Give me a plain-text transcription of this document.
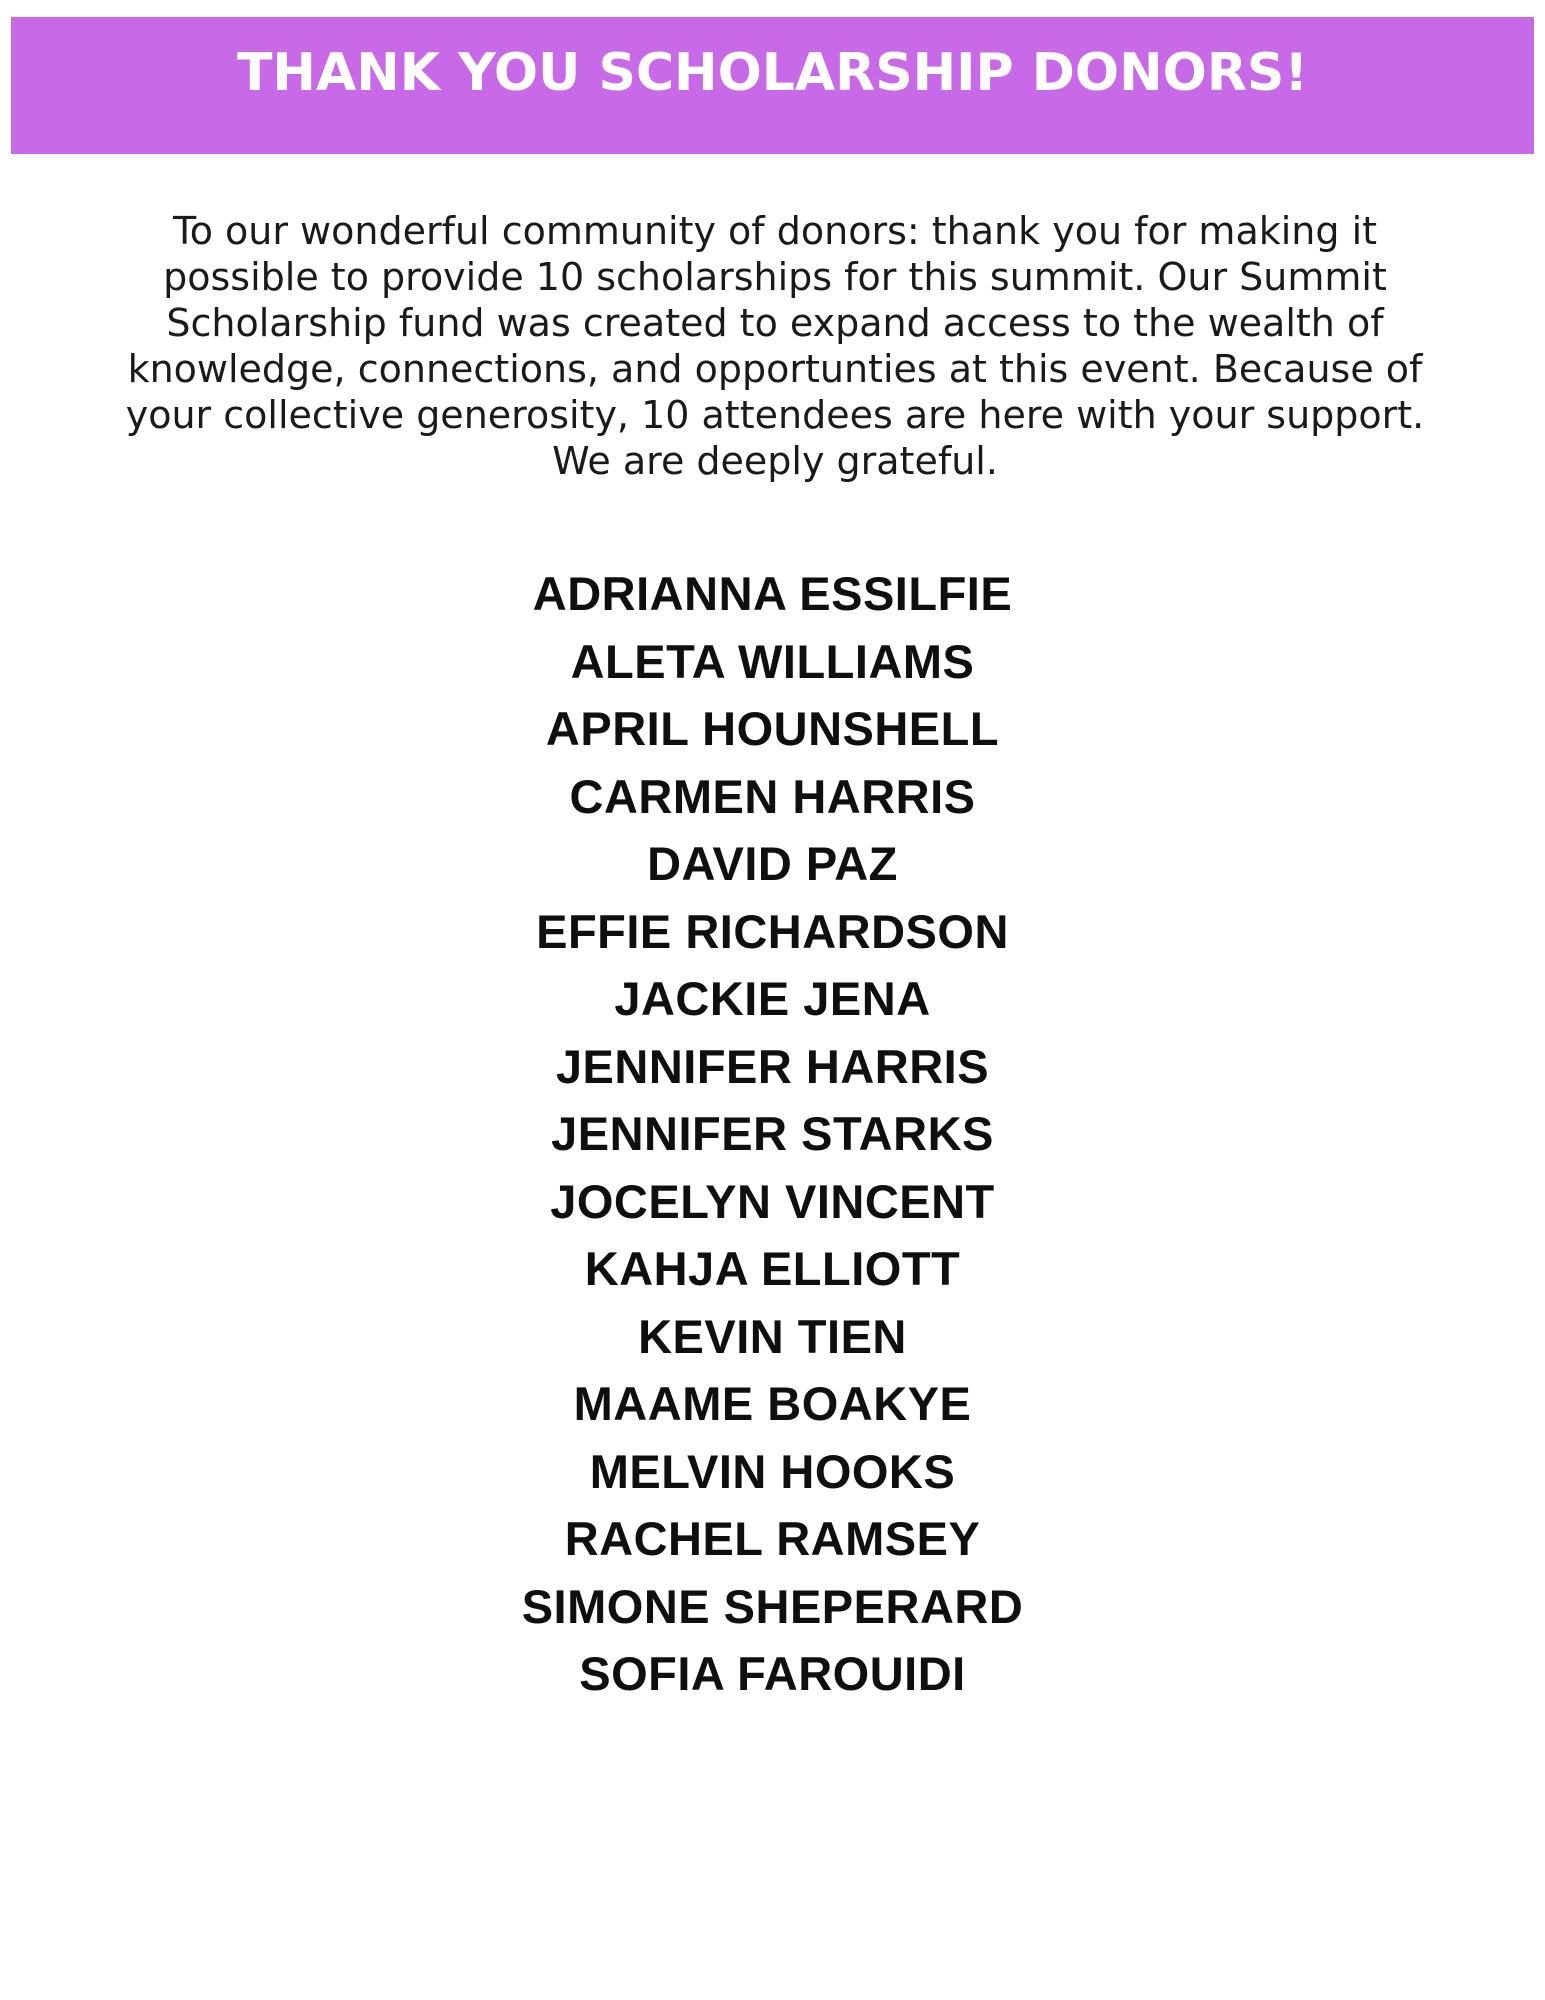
THANK YOU SCHOLARSHIP DONORS!
To our wonderful community of donors: thank you for making it possible to provide 10 scholarships for this summit. Our Summit Scholarship fund was created to expand access to the wealth of knowledge, connections, and opportunties at this event. Because of your collective generosity, 10 attendees are here with your support. We are deeply grateful.
ADRIANNA ESSILFIE
ALETA WILLIAMS
APRIL HOUNSHELL
CARMEN HARRIS
DAVID PAZ
EFFIE RICHARDSON
JACKIE JENA
JENNIFER HARRIS
JENNIFER STARKS
JOCELYN VINCENT
KAHJA ELLIOTT
KEVIN TIEN
MAAME BOAKYE
MELVIN HOOKS
RACHEL RAMSEY
SIMONE SHEPERARD
SOFIA FAROUIDI
